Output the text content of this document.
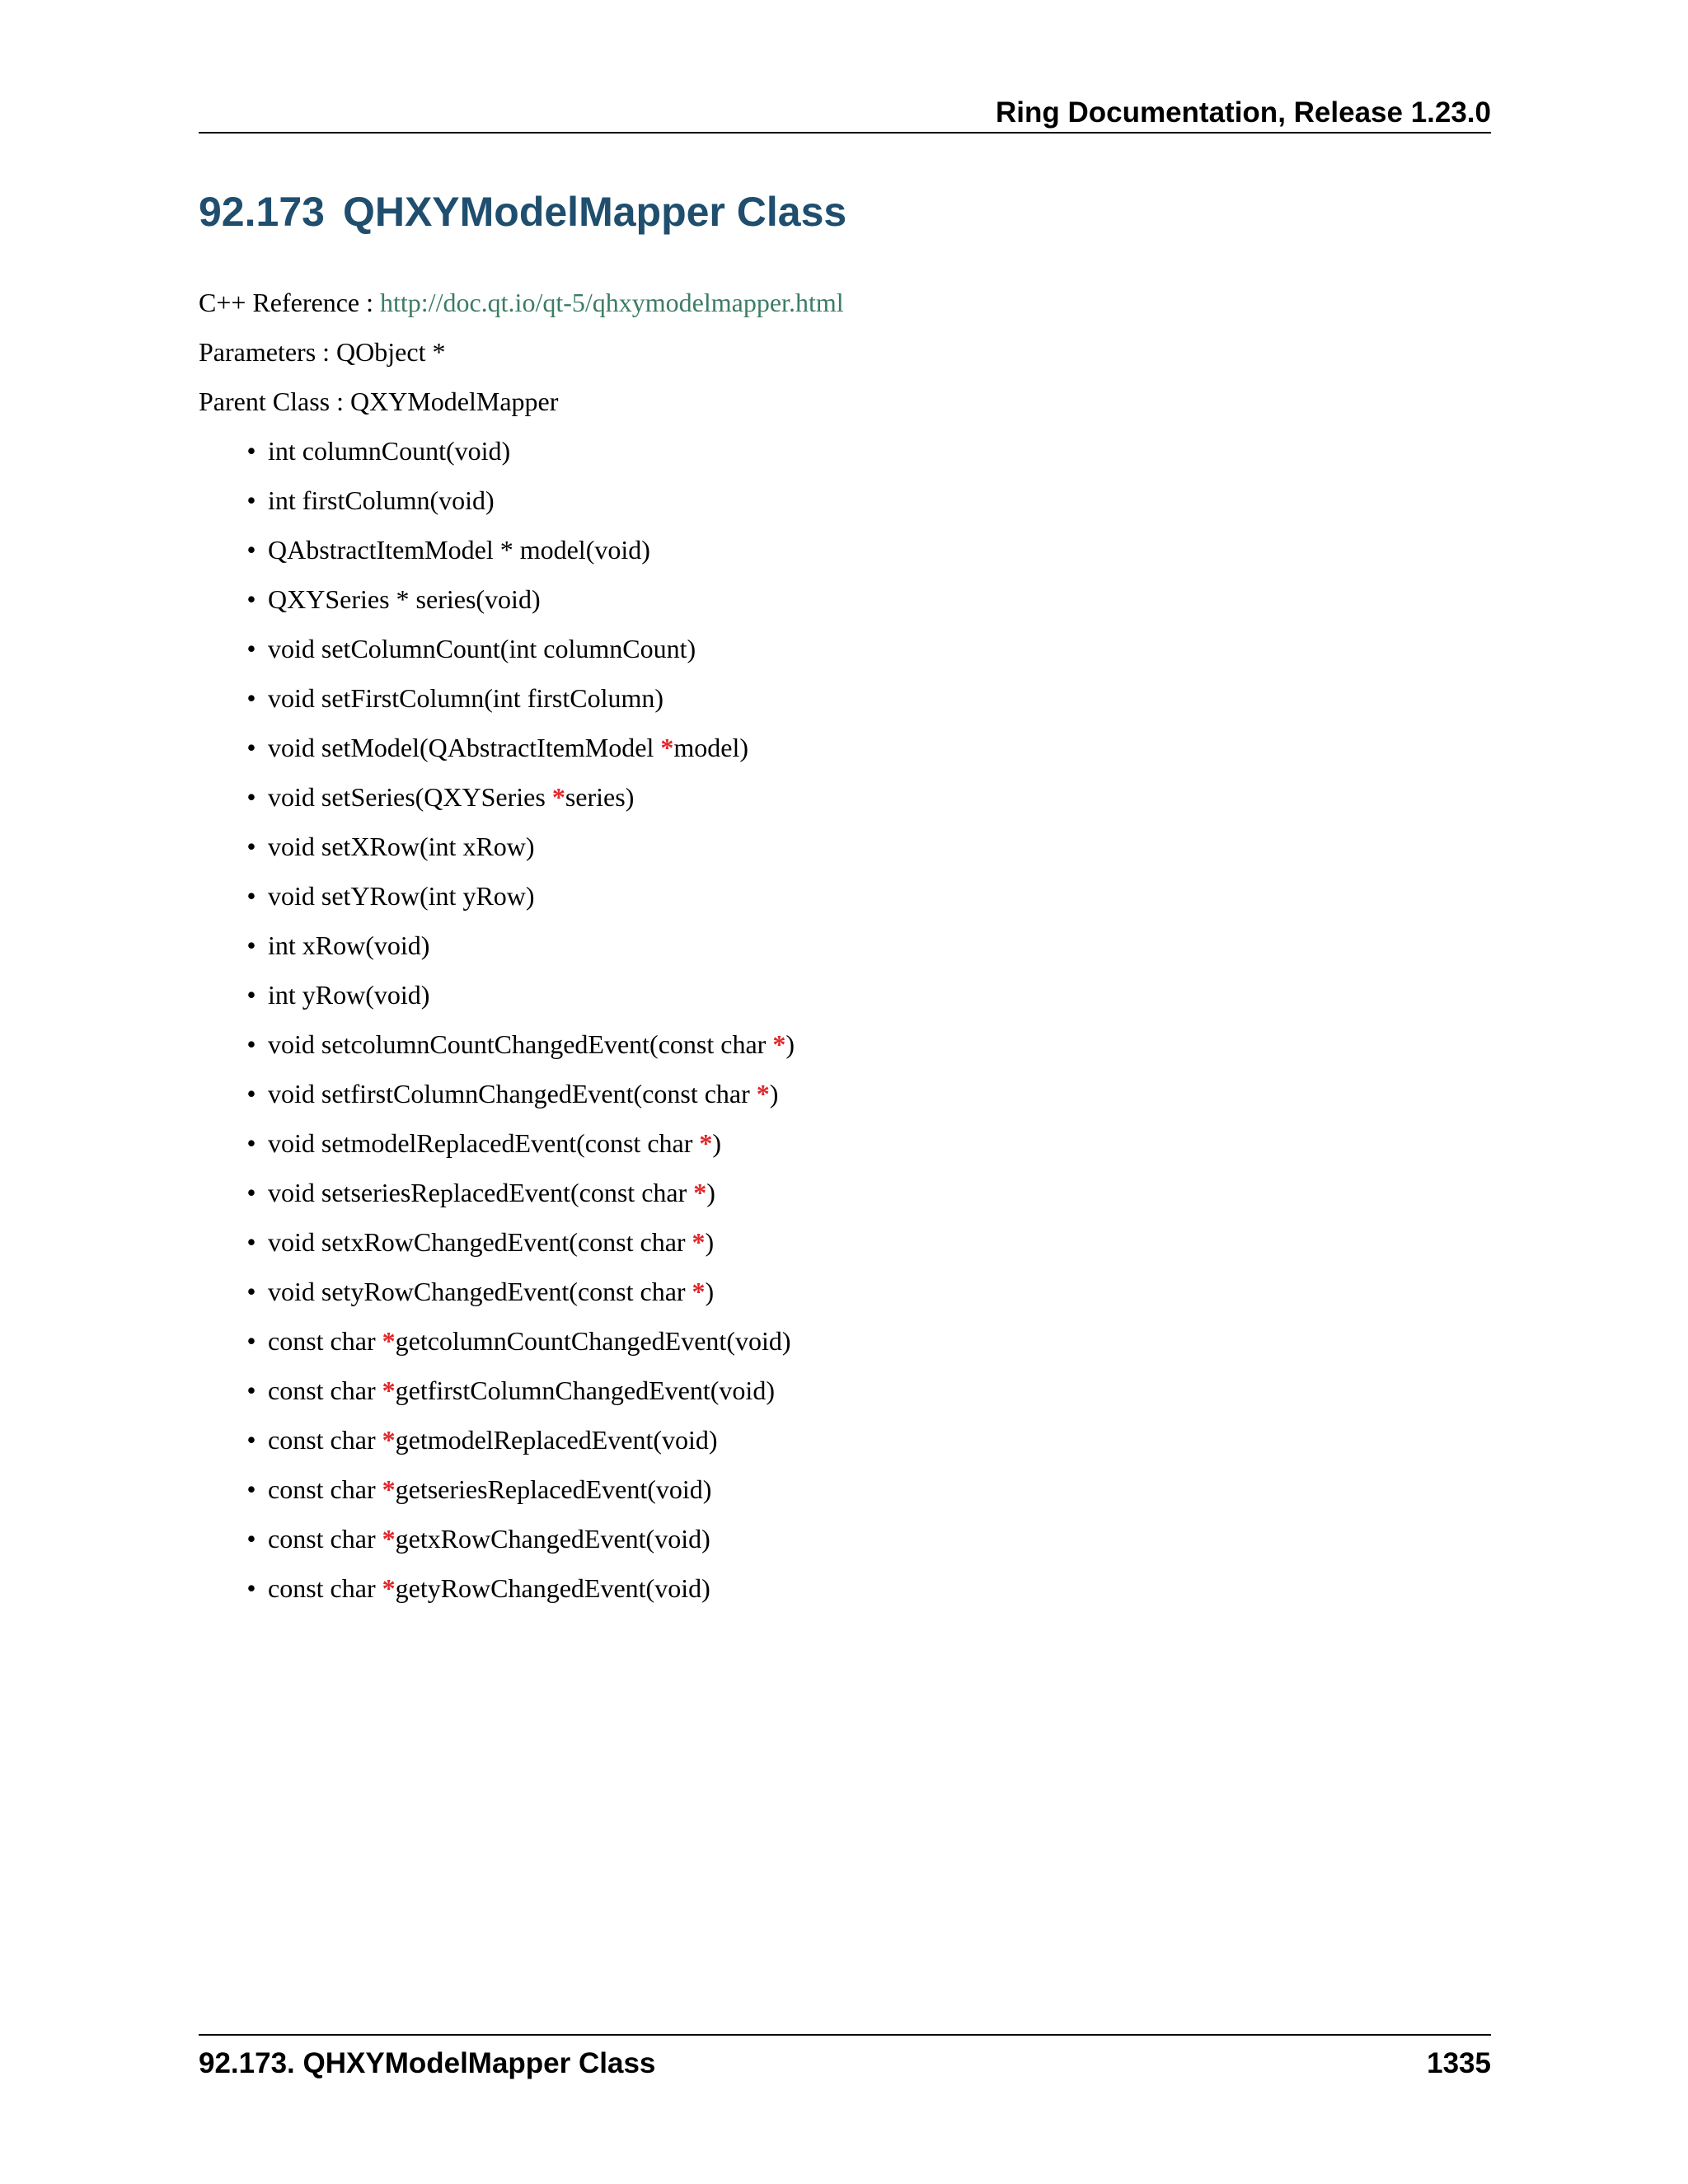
Ring Documentation, Release 1.23.0
92.173 QHXYModelMapper Class
C++ Reference : http://doc.qt.io/qt-5/qhxymodelmapper.html
Parameters : QObject *
Parent Class : QXYModelMapper
• int columnCount(void)
• int firstColumn(void)
• QAbstractItemModel * model(void)
• QXYSeries * series(void)
• void setColumnCount(int columnCount)
• void setFirstColumn(int firstColumn)
• void setModel(QAbstractItemModel *model)
• void setSeries(QXYSeries *series)
• void setXRow(int xRow)
• void setYRow(int yRow)
• int xRow(void)
• int yRow(void)
• void setcolumnCountChangedEvent(const char *)
• void setfirstColumnChangedEvent(const char *)
• void setmodelReplacedEvent(const char *)
• void setseriesReplacedEvent(const char *)
• void setxRowChangedEvent(const char *)
• void setyRowChangedEvent(const char *)
• const char *getcolumnCountChangedEvent(void)
• const char *getfirstColumnChangedEvent(void)
• const char *getmodelReplacedEvent(void)
• const char *getseriesReplacedEvent(void)
• const char *getxRowChangedEvent(void)
• const char *getyRowChangedEvent(void)
92.173. QHXYModelMapper Class	1335
